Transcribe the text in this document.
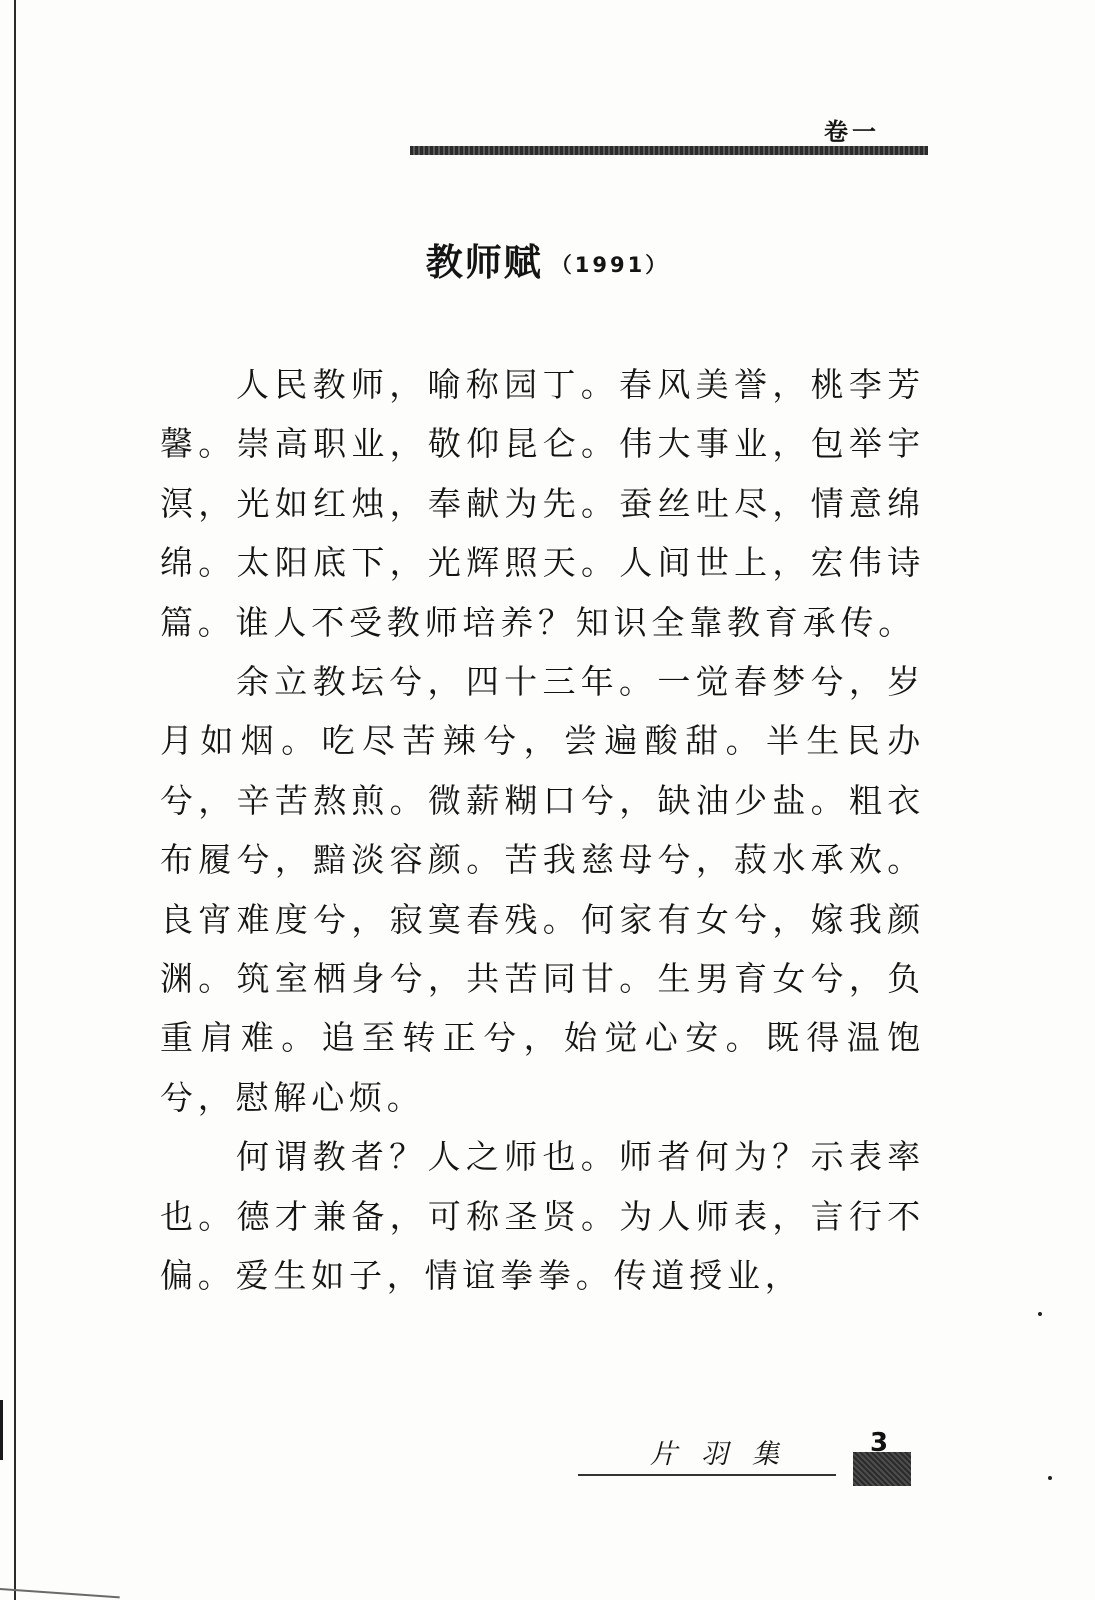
卷一
教师赋 （1991）

人民教师，喻称园丁。春风美誉，桃李芳馨。崇高职业，敬仰昆仑。伟大事业，包举宇溟，光如红烛，奉献为先。蚕丝吐尽，情意绵绵。太阳底下，光辉照天。人间世上，宏伟诗篇。谁人不受教师培养？知识全靠教育承传。

余立教坛兮，四十三年。一觉春梦兮，岁月如烟。吃尽苦辣兮，尝遍酸甜。半生民办兮，辛苦熬煎。微薪糊口兮，缺油少盐。粗衣布履兮，黯淡容颜。苦我慈母兮，菽水承欢。良宵难度兮，寂寞春残。何家有女兮，嫁我颜渊。筑室栖身兮，共苦同甘。生男育女兮，负重肩难。追至转正兮，始觉心安。既得温饱兮，慰解心烦。

何谓教者？人之师也。师者何为？示表率也。德才兼备，可称圣贤。为人师表，言行不偏。爱生如子，情谊拳拳。传道授业，

片羽集	3
